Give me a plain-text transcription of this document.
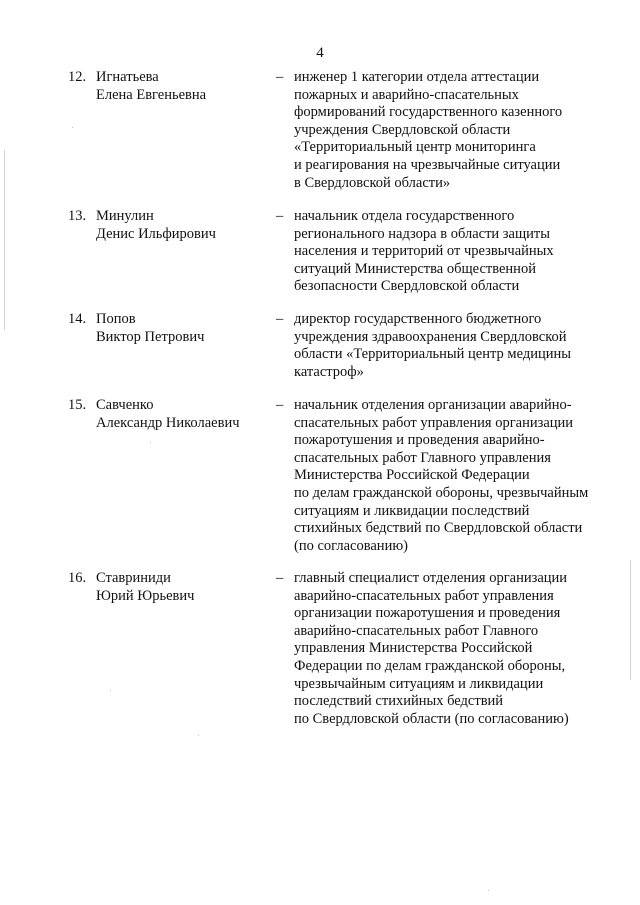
4
12. Игнатьева
Елена Евгеньевна
– инженер 1 категории отдела аттестации
пожарных и аварийно-спасательных
формирований государственного казенного
учреждения Свердловской области
«Территориальный центр мониторинга
и реагирования на чрезвычайные ситуации
в Свердловской области»
13. Минулин
Денис Ильфирович
– начальник отдела государственного
регионального надзора в области защиты
населения и территорий от чрезвычайных
ситуаций Министерства общественной
безопасности Свердловской области
14. Попов
Виктор Петрович
– директор государственного бюджетного
учреждения здравоохранения Свердловской
области «Территориальный центр медицины
катастроф»
15. Савченко
Александр Николаевич
– начальник отделения организации аварийно-
спасательных работ управления организации
пожаротушения и проведения аварийно-
спасательных работ Главного управления
Министерства Российской Федерации
по делам гражданской обороны, чрезвычайным
ситуациям и ликвидации последствий
стихийных бедствий по Свердловской области
(по согласованию)
16. Ставриниди
Юрий Юрьевич
– главный специалист отделения организации
аварийно-спасательных работ управления
организации пожаротушения и проведения
аварийно-спасательных работ Главного
управления Министерства Российской
Федерации по делам гражданской обороны,
чрезвычайным ситуациям и ликвидации
последствий стихийных бедствий
по Свердловской области (по согласованию)
